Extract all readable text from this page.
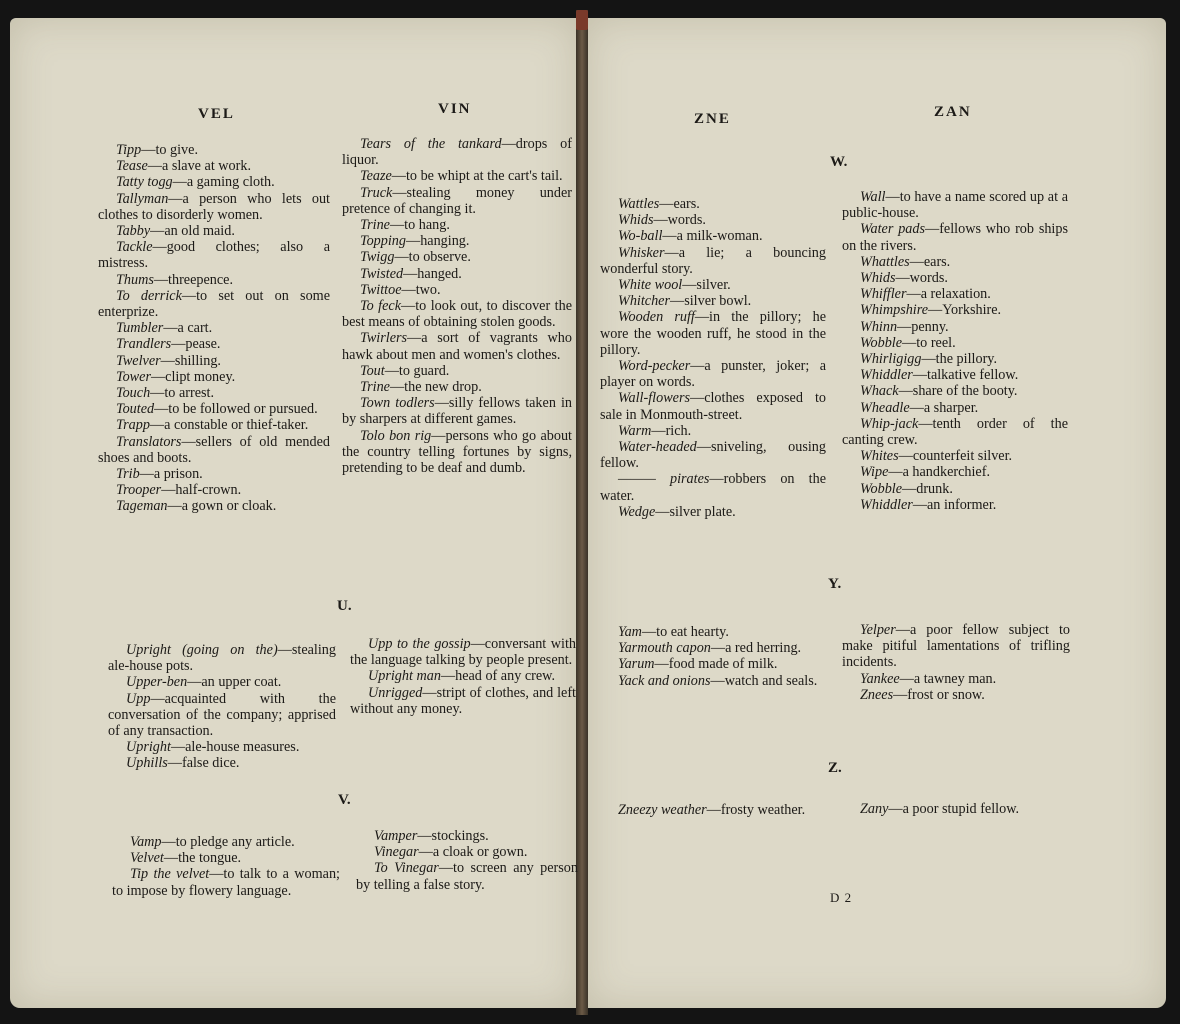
VEL	VIN

Tipp—to give.

Tease—a slave at work.

Tatty togg—a gaming cloth.

Tallyman—a person who lets out clothes to disorderly women.

Tabby—an old maid.

Tackle—good clothes; also a mistress.

Thums—threepence.

To derrick—to set out on some enterprize.

Tumbler—a cart.

Trandlers—pease.

Twelver—shilling.

Tower—clipt money.

Touch—to arrest.

Touted—to be followed or pursued.

Trapp—a constable or thief-taker.

Translators—sellers of old mended shoes and boots.

Trib—a prison.

Trooper—half-crown.

Tageman—a gown or cloak.

Tears of the tankard—drops of liquor.

Teaze—to be whipt at the cart's tail.

Truck—stealing money under pretence of changing it.

Trine—to hang.

Topping—hanging.

Twigg—to observe.

Twisted—hanged.

Twittoe—two.

To feck—to look out, to discover the best means of obtaining stolen goods.

Twirlers—a sort of vagrants who hawk about men and women's clothes.

Tout—to guard.

Trine—the new drop.

Town todlers—silly fellows taken in by sharpers at different games.

Tolo bon rig—persons who go about the country telling fortunes by signs, pretending to be deaf and dumb.

U.

Upright (going on the)—stealing ale-house pots.

Upper-ben—an upper coat.

Upp—acquainted with the conversation of the company; apprised of any transaction.

Upright—ale-house measures.

Uphills—false dice.

Upp to the gossip—conversant with the language talking by people present.

Upright man—head of any crew.

Unrigged—stript of clothes, and left without any money.

V.

Vamp—to pledge any article.

Velvet—the tongue.

Tip the velvet—to talk to a woman; to impose by flowery language.

Vamper—stockings.

Vinegar—a cloak or gown.

To Vinegar—to screen any person by telling a false story.

ZNE	ZAN
W.

Wattles—ears.

Whids—words.

Wo-ball—a milk-woman.

Whisker—a lie; a bouncing wonderful story.

White wool—silver.

Whitcher—silver bowl.

Wooden ruff—in the pillory; he wore the wooden ruff, he stood in the pillory.

Word-pecker—a punster, joker; a player on words.

Wall-flowers—clothes exposed to sale in Monmouth-street.

Warm—rich.

Water-headed—sniveling, ousing fellow.

——— pirates—robbers on the water.

Wedge—silver plate.

Wall—to have a name scored up at a public-house.

Water pads—fellows who rob ships on the rivers.

Whattles—ears.

Whids—words.

Whiffler—a relaxation.

Whimpshire—Yorkshire.

Whinn—penny.

Wobble—to reel.

Whirligigg—the pillory.

Whiddler—talkative fellow.

Whack—share of the booty.

Wheadle—a sharper.

Whip-jack—tenth order of the canting crew.

Whites—counterfeit silver.

Wipe—a handkerchief.

Wobble—drunk.

Whiddler—an informer.

Y.

Yam—to eat hearty.

Yarmouth capon—a red herring.

Yarum—food made of milk.

Yack and onions—watch and seals.

Yelper—a poor fellow subject to make pitiful lamentations of trifling incidents.

Yankee—a tawney man.

Znees—frost or snow.

Z.

Zneezy weather—frosty weather.	Zany—a poor stupid fellow.

D 2
